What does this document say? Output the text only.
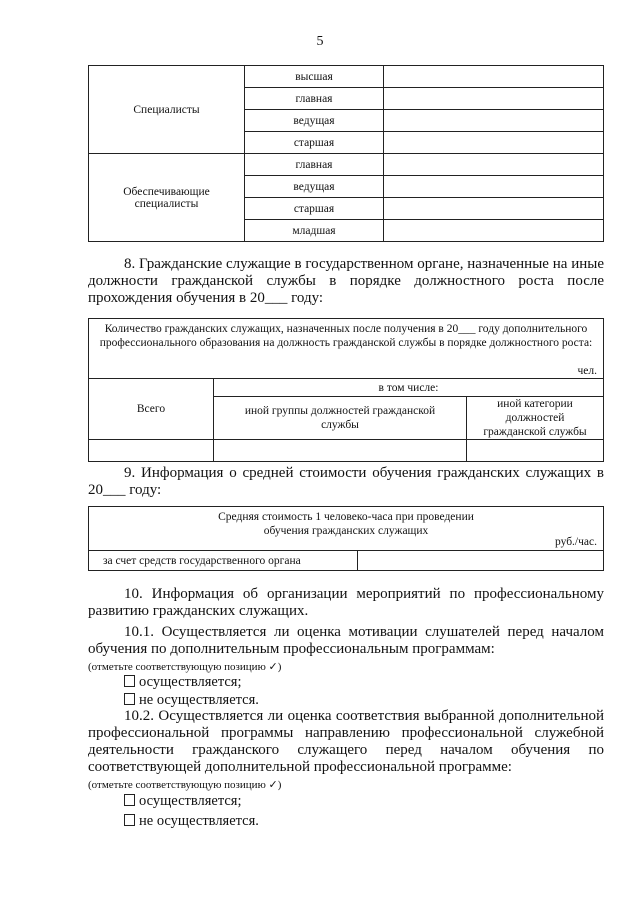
5
Специалисты	высшая	
	главная	
	ведущая	
	старшая	
Обеспечивающие специалисты	главная	
	ведущая	
	старшая	
	младшая	
8. Гражданские служащие в государственном органе, назначенные на иные должности гражданской службы в порядке должностного роста после прохождения обучения в 20___ году:
Количество гражданских служащих, назначенных после получения в 20___ году дополнительного профессионального образования на должность гражданской службы в порядке должностного роста:
чел.		

Всего	в том числе:	
	иной группы должностей гражданской службы	иной категории должностей гражданской службы

9. Информация о средней стоимости обучения гражданских служащих в 20___ году:
Средняя стоимость 1 человеко-часа при проведении обучения гражданских служащих
руб./час.

за счет средств государственного органа	
10. Информация об организации мероприятий по профессиональному развитию гражданских служащих.
10.1. Осуществляется ли оценка мотивации слушателей перед началом обучения по дополнительным профессиональным программам:
(отметьте соответствующую позицию ✓)
осуществляется;
не осуществляется.
10.2. Осуществляется ли оценка соответствия выбранной дополнительной профессиональной программы направлению профессиональной служебной деятельности гражданского служащего перед началом обучения по соответствующей дополнительной профессиональной программе:
(отметьте соответствующую позицию ✓)
осуществляется;
не осуществляется.
